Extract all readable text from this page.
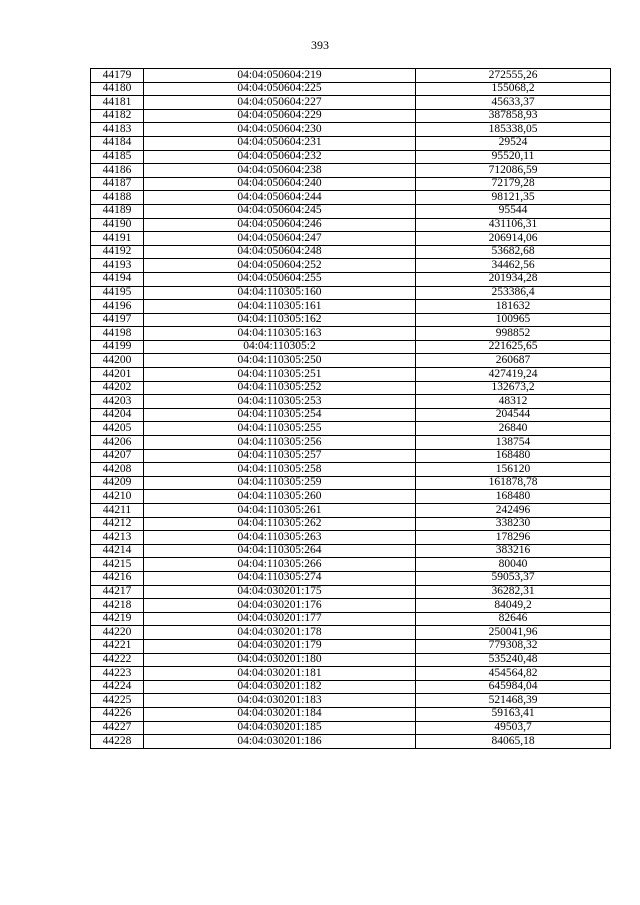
393
44179	04:04:050604:219	272555,26
44180	04:04:050604:225	155068,2
44181	04:04:050604:227	45633,37
44182	04:04:050604:229	387858,93
44183	04:04:050604:230	185338,05
44184	04:04:050604:231	29524
44185	04:04:050604:232	95520,11
44186	04:04:050604:238	712086,59
44187	04:04:050604:240	72179,28
44188	04:04:050604:244	98121,35
44189	04:04:050604:245	95544
44190	04:04:050604:246	431106,31
44191	04:04:050604:247	206914,06
44192	04:04:050604:248	53682,68
44193	04:04:050604:252	34462,56
44194	04:04:050604:255	201934,28
44195	04:04:110305:160	253386,4
44196	04:04:110305:161	181632
44197	04:04:110305:162	100965
44198	04:04:110305:163	998852
44199	04:04:110305:2	221625,65
44200	04:04:110305:250	260687
44201	04:04:110305:251	427419,24
44202	04:04:110305:252	132673,2
44203	04:04:110305:253	48312
44204	04:04:110305:254	204544
44205	04:04:110305:255	26840
44206	04:04:110305:256	138754
44207	04:04:110305:257	168480
44208	04:04:110305:258	156120
44209	04:04:110305:259	161878,78
44210	04:04:110305:260	168480
44211	04:04:110305:261	242496
44212	04:04:110305:262	338230
44213	04:04:110305:263	178296
44214	04:04:110305:264	383216
44215	04:04:110305:266	80040
44216	04:04:110305:274	59053,37
44217	04:04:030201:175	36282,31
44218	04:04:030201:176	84049,2
44219	04:04:030201:177	82646
44220	04:04:030201:178	250041,96
44221	04:04:030201:179	779308,32
44222	04:04:030201:180	535240,48
44223	04:04:030201:181	454564,82
44224	04:04:030201:182	645984,04
44225	04:04:030201:183	521468,39
44226	04:04:030201:184	59163,41
44227	04:04:030201:185	49503,7
44228	04:04:030201:186	84065,18
